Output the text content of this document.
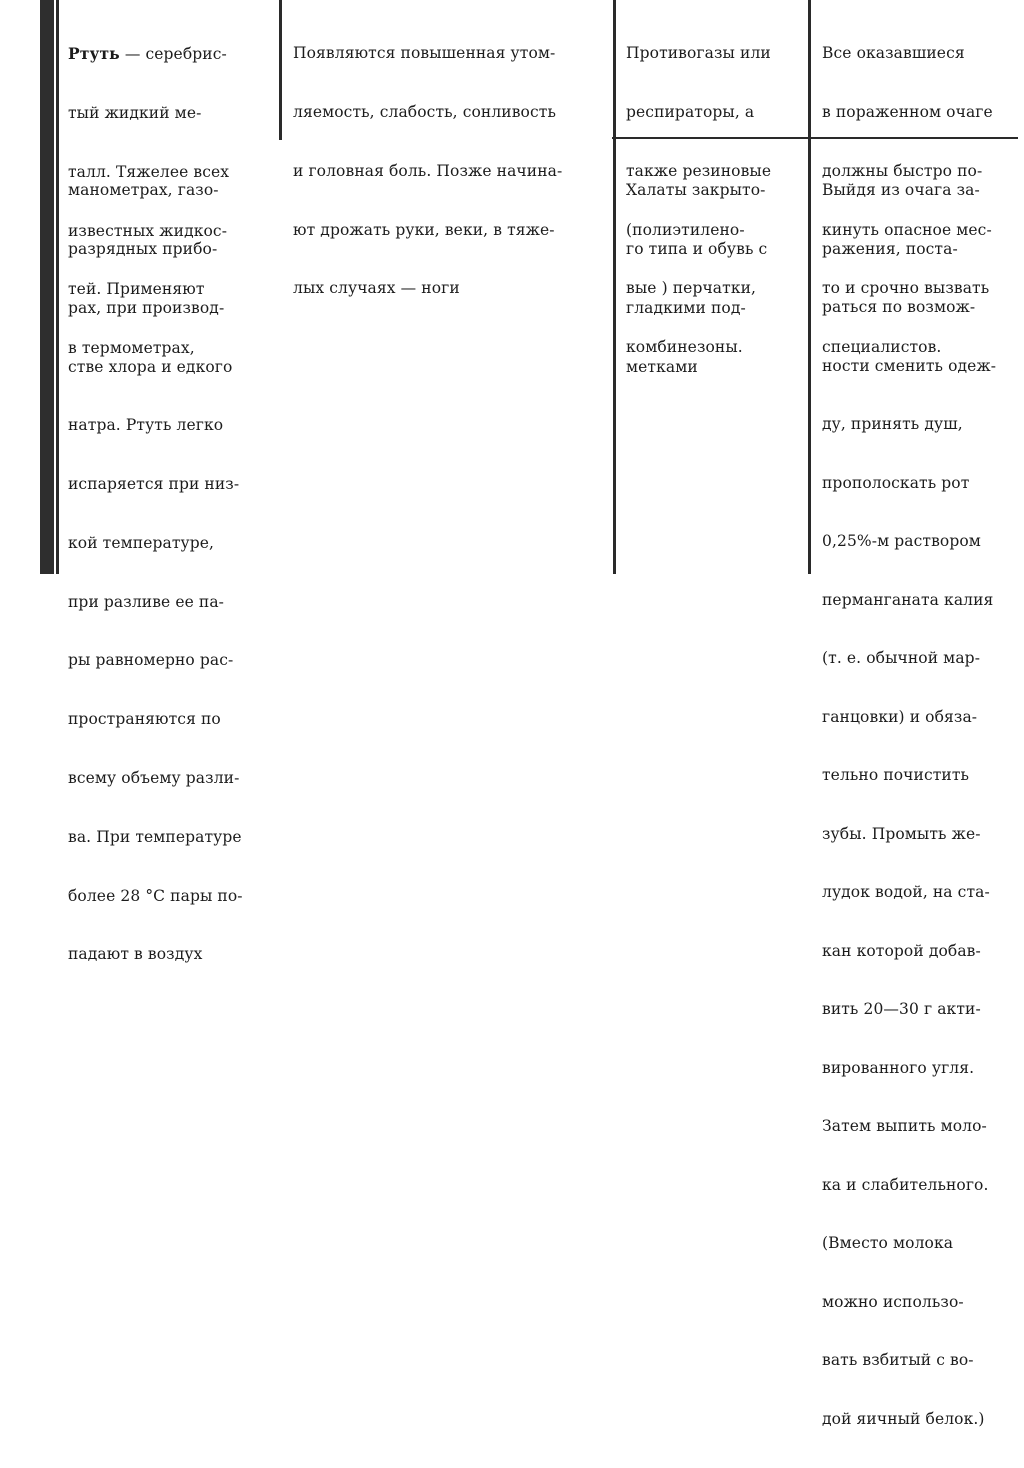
Ртуть — серебрис-

тый жидкий ме-

талл. Тяжелее всех

известных жидкос-

тей. Применяют

в термометрах,

манометрах, газо-

разрядных прибо-

рах, при производ-

стве хлора и едкого

натра. Ртуть легко

испаряется при низ-

кой температуре,

при разливе ее па-

ры равномерно рас-

пространяются по

всему объему разли-

ва. При температуре

более 28 °С пары по-

падают в воздух

Появляются повышенная утом-

ляемость, слабость, сонливость

и головная боль. Позже начина-

ют дрожать руки, веки, в тяже-

лых случаях — ноги

Противогазы или

респираторы, а

также резиновые

(полиэтилено-

вые ) перчатки,

комбинезоны.

Халаты закрыто-

го типа и обувь с

гладкими под-

метками

Все оказавшиеся

в пораженном очаге

должны быстро по-

кинуть опасное мес-

то и срочно вызвать

специалистов.

Выйдя из очага за-

ражения, поста-

раться по возмож-

ности сменить одеж-

ду, принять душ,

прополоскать рот

0,25%-м раствором

перманганата калия

(т. е. обычной мар-

ганцовки) и обяза-

тельно почистить

зубы. Промыть же-

лудок водой, на ста-

кан которой добав-

вить 20—30 г акти-

вированного угля.

Затем выпить моло-

ка и слабительного.

(Вместо молока

можно использо-

вать взбитый с во-

дой яичный белок.)
